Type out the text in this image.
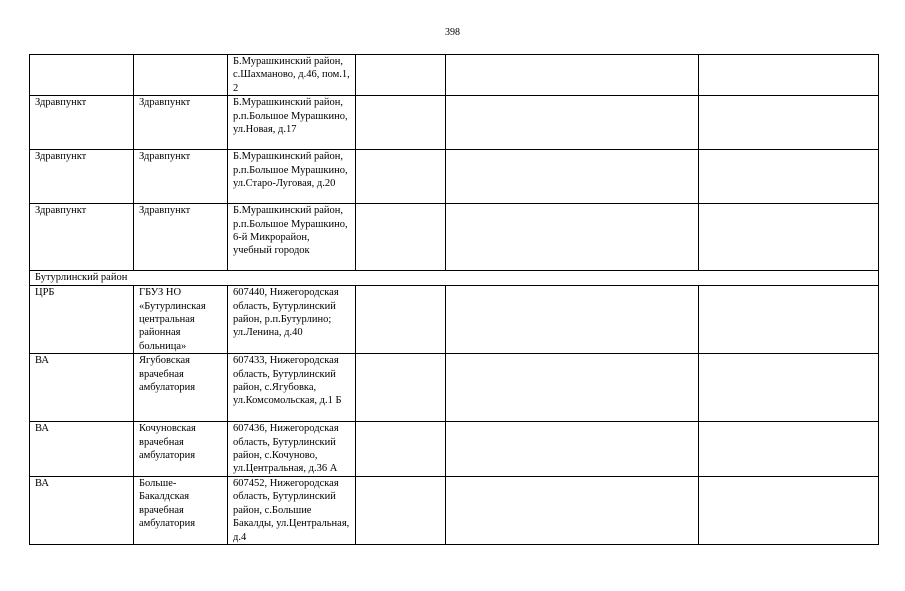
398
		Б.Мурашкинский район, с.Шахманово, д.46, пом.1, 2			
Здравпункт	Здравпункт	Б.Мурашкинский район, р.п.Большое Мурашкино, ул.Новая, д.17			
Здравпункт	Здравпункт	Б.Мурашкинский район, р.п.Большое Мурашкино, ул.Старо-Луговая, д.20			
Здравпункт	Здравпункт	Б.Мурашкинский район, р.п.Большое Мурашкино, 6-й Микрорайон, учебный городок			
Бутурлинский район					
ЦРБ	ГБУЗ НО «Бутурлинская центральная районная больница»	607440, Нижегородская область, Бутурлинский район, р.п.Бутурлино; ул.Ленина, д.40			
ВА	Ягубовская врачебная амбулатория	607433, Нижегородская область, Бутурлинский район, с.Ягубовка, ул.Комсомольская, д.1 Б			
ВА	Кочуновская врачебная амбулатория	607436, Нижегородская область, Бутурлинский район, с.Кочуново, ул.Центральная, д.36 А			
ВА	Больше-Бакалдская врачебная амбулатория	607452, Нижегородская область, Бутурлинский район, с.Большие Бакалды, ул.Центральная, д.4			
